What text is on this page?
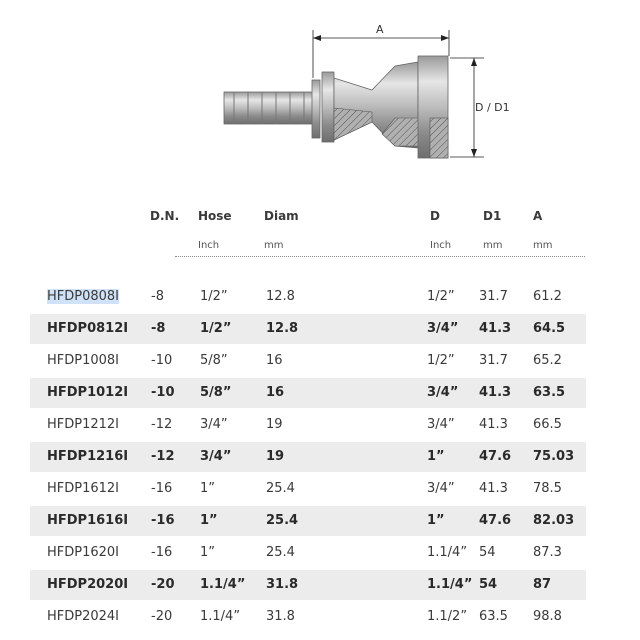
A
D / D1
D.N. Hose	Diam	D	D1	A
Inch	mm	Inch	mm	mm
HFDP0808I -8	1/2”	12.8	1/2” 31.7 61.2
HFDP0812I -8	1/2”	12.8	3/4” 41.3 64.5
HFDP1008I -10 5/8”	16	1/2” 31.7 65.2
HFDP1012I -10 5/8”	16	3/4” 41.3 63.5
HFDP1212I -12 3/4”	19	3/4” 41.3 66.5
HFDP1216I -12 3/4”	19	1”	47.6 75.03
HFDP1612I -16 1”	25.4	3/4” 41.3 78.5
HFDP1616I -16 1”	25.4	1”	47.6 82.03
HFDP1620I -16 1”	25.4	1.1/4” 54	87.3
HFDP2020I -20 1.1/4” 31.8	1.1/4” 54	87
HFDP2024I -20 1.1/4” 31.8	1.1/2” 63.5 98.8
